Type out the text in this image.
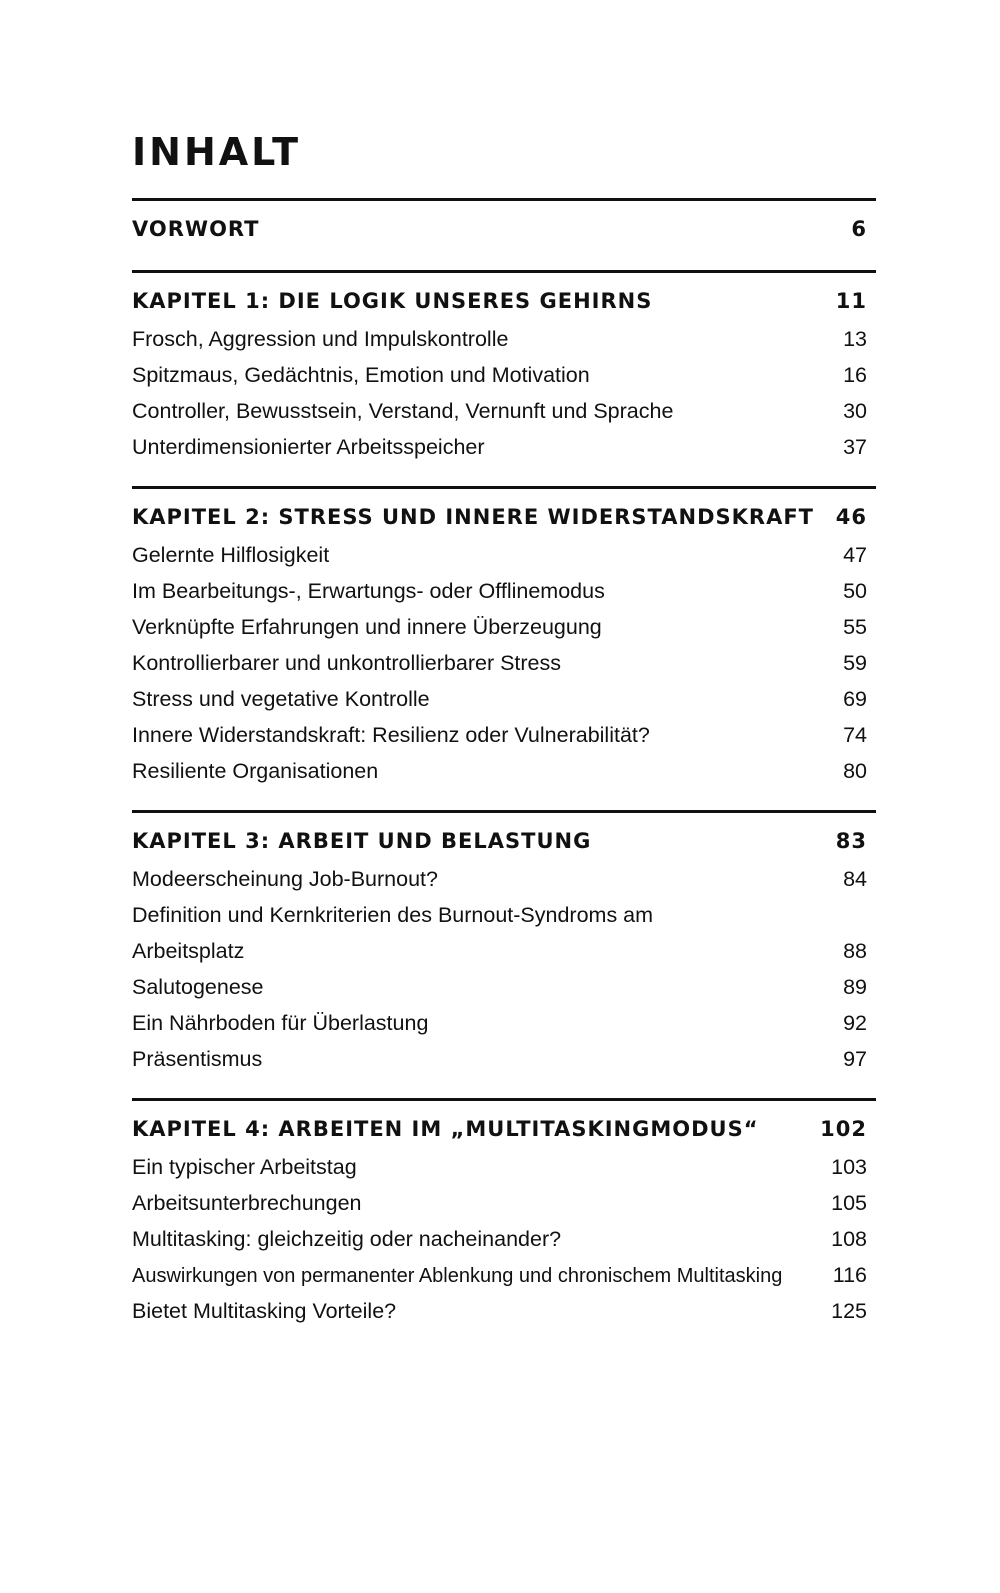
INHALT
VORWORT	6
KAPITEL 1: DIE LOGIK UNSERES GEHIRNS	11
Frosch, Aggression und Impulskontrolle	13
Spitzmaus, Gedächtnis, Emotion und Motivation	16
Controller, Bewusstsein, Verstand, Vernunft und Sprache	30
Unterdimensionierter Arbeitsspeicher	37
KAPITEL 2: STRESS UND INNERE WIDERSTANDSKRAFT	46
Gelernte Hilflosigkeit	47
Im Bearbeitungs-, Erwartungs- oder Offlinemodus	50
Verknüpfte Erfahrungen und innere Überzeugung	55
Kontrollierbarer und unkontrollierbarer Stress	59
Stress und vegetative Kontrolle	69
Innere Widerstandskraft: Resilienz oder Vulnerabilität?	74
Resiliente Organisationen	80
KAPITEL 3: ARBEIT UND BELASTUNG	83
Modeerscheinung Job-Burnout?	84
Definition und Kernkriterien des Burnout-Syndroms am
Arbeitsplatz	88
Salutogenese	89
Ein Nährboden für Überlastung	92
Präsentismus	97
KAPITEL 4: ARBEITEN IM „MULTITASKINGMODUS“	102
Ein typischer Arbeitstag	103
Arbeitsunterbrechungen	105
Multitasking: gleichzeitig oder nacheinander?	108
Auswirkungen von permanenter Ablenkung und chronischem Multitasking	116
Bietet Multitasking Vorteile?	125
